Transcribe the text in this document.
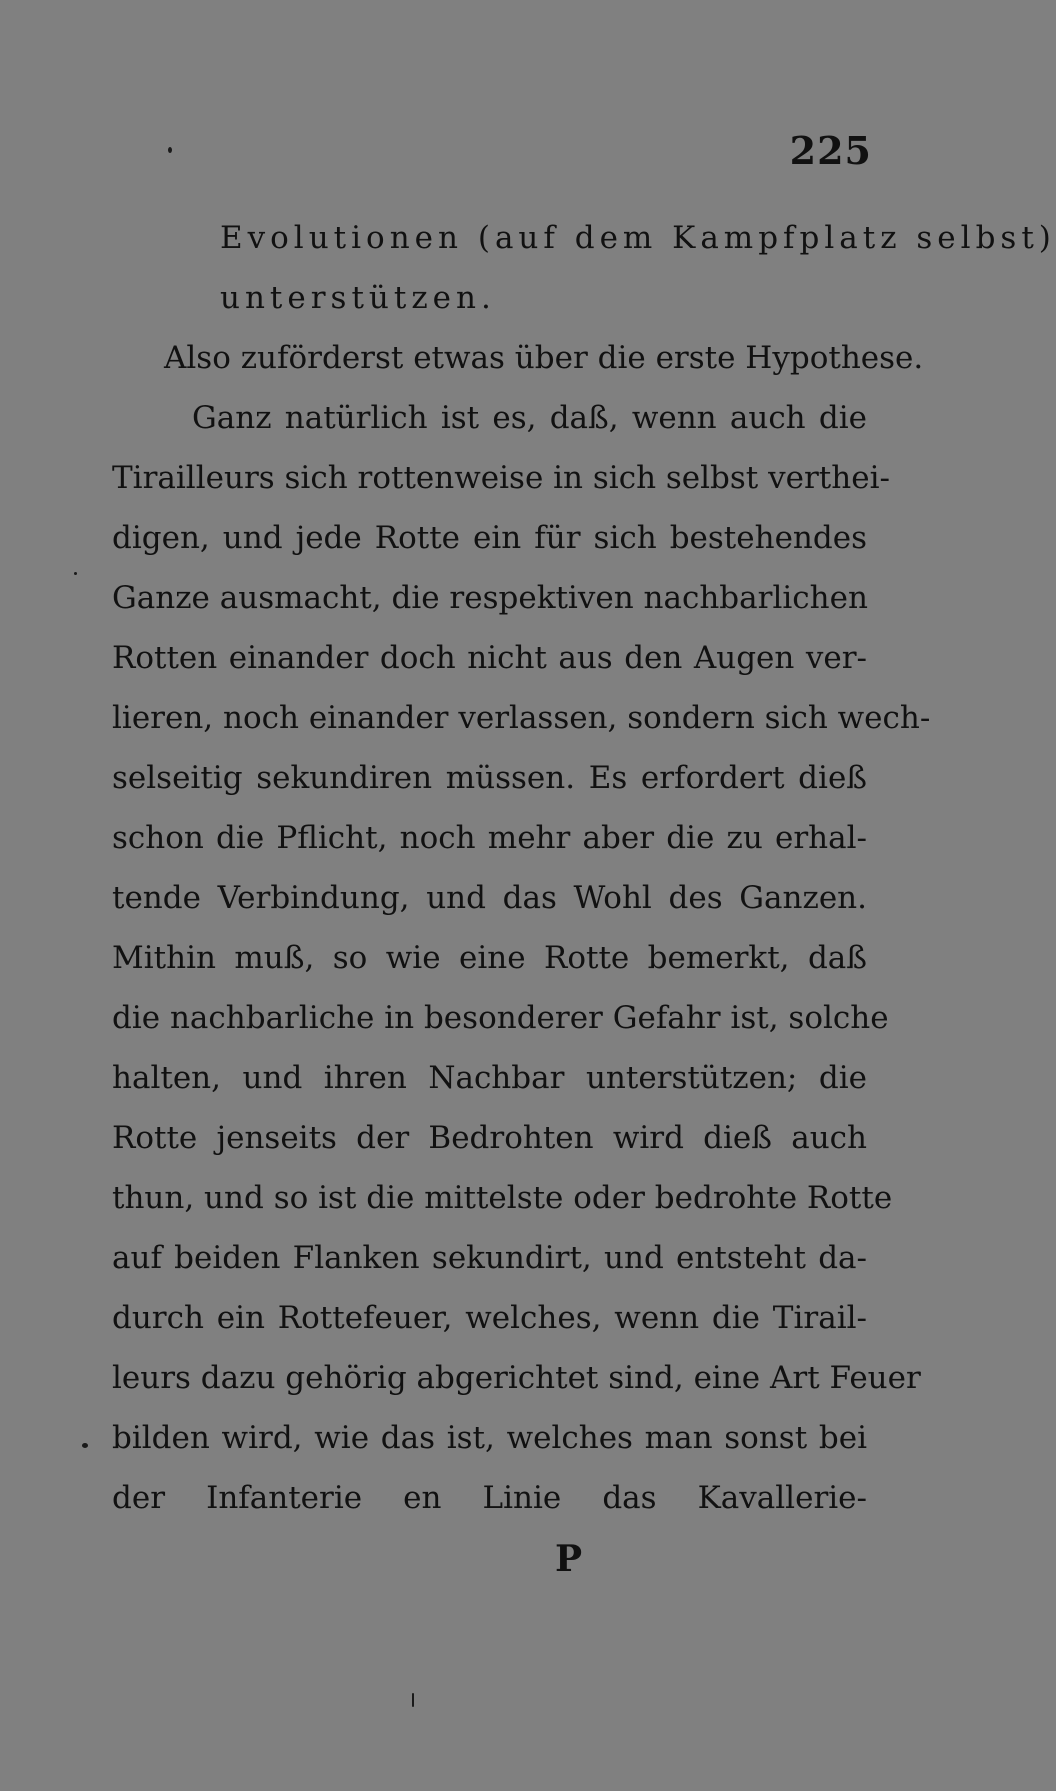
225
Evolutionen (auf dem Kampfplatz selbst)
unterstützen.
Also zuförderst etwas über die erste Hypothese.
Ganz natürlich ist es, daß, wenn auch die
Tirailleurs sich rottenweise in sich selbst verthei-
digen, und jede Rotte ein für sich bestehendes
Ganze ausmacht, die respektiven nachbarlichen
Rotten einander doch nicht aus den Augen ver-
lieren, noch einander verlassen, sondern sich wech-
selseitig sekundiren müssen. Es erfordert dieß
schon die Pflicht, noch mehr aber die zu erhal-
tende Verbindung, und das Wohl des Ganzen.
Mithin muß, so wie eine Rotte bemerkt, daß
die nachbarliche in besonderer Gefahr ist, solche
halten, und ihren Nachbar unterstützen; die
Rotte jenseits der Bedrohten wird dieß auch
thun, und so ist die mittelste oder bedrohte Rotte
auf beiden Flanken sekundirt, und entsteht da-
durch ein Rottefeuer, welches, wenn die Tirail-
leurs dazu gehörig abgerichtet sind, eine Art Feuer
bilden wird, wie das ist, welches man sonst bei
der Infanterie en Linie das Kavallerie-
P
